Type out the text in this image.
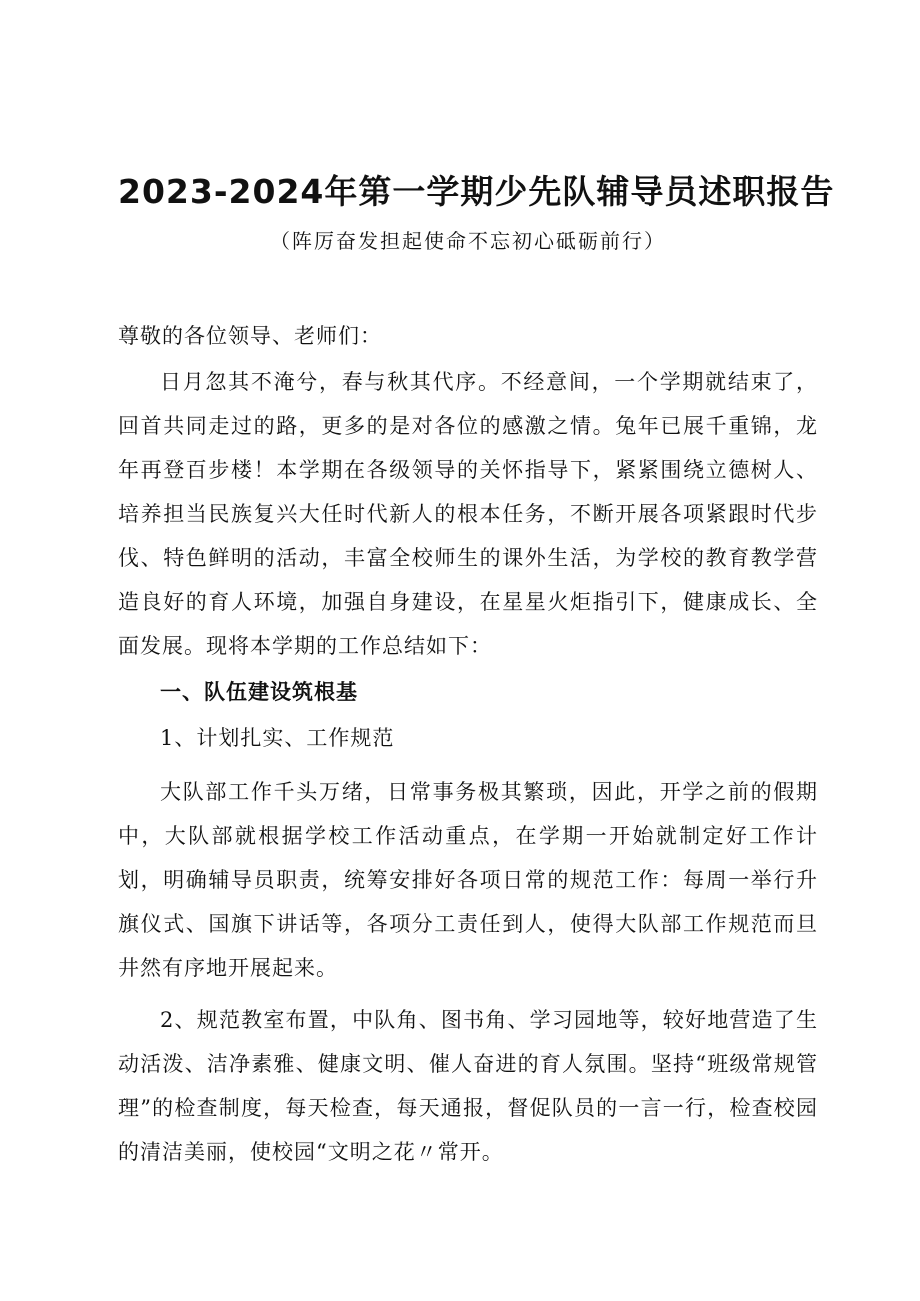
2023-2024年第一学期少先队辅导员述职报告
（阵厉奋发担起使命不忘初心砥砺前行）

尊敬的各位领导、老师们：

日月忽其不淹兮，春与秋其代序。不经意间，一个学期就结束了，回首共同走过的路，更多的是对各位的感激之情。兔年已展千重锦，龙年再登百步楼！本学期在各级领导的关怀指导下，紧紧围绕立德树人、培养担当民族复兴大任时代新人的根本任务，不断开展各项紧跟时代步伐、特色鲜明的活动，丰富全校师生的课外生活，为学校的教育教学营造良好的育人环境，加强自身建设，在星星火炬指引下，健康成长、全面发展。现将本学期的工作总结如下：

一、队伍建设筑根基

1、计划扎实、工作规范

大队部工作千头万绪，日常事务极其繁琐，因此，开学之前的假期中，大队部就根据学校工作活动重点，在学期一开始就制定好工作计划，明确辅导员职责，统筹安排好各项日常的规范工作：每周一举行升旗仪式、国旗下讲话等，各项分工责任到人，使得大队部工作规范而旦井然有序地开展起来。

2、规范教室布置，中队角、图书角、学习园地等，较好地营造了生动活泼、洁净素雅、健康文明、催人奋进的育人氛围。坚持“班级常规管理”的检查制度，每天检查，每天通报，督促队员的一言一行，检查校园的清洁美丽，使校园“文明之花〃常开。
